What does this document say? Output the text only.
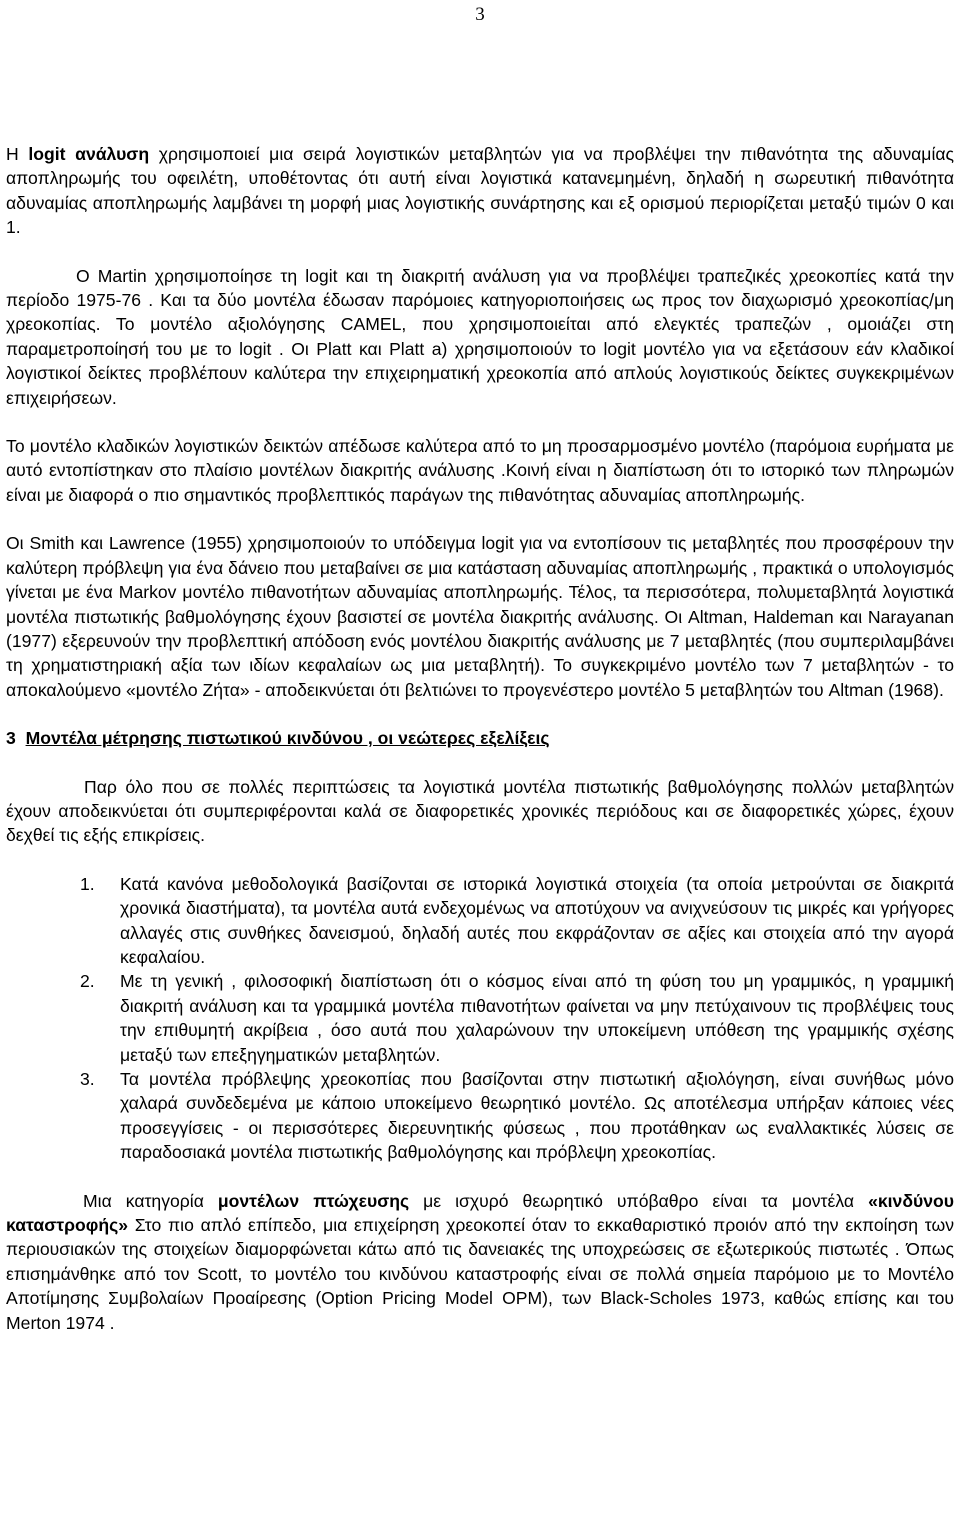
3

Η logit ανάλυση χρησιμοποιεί μια σειρά λογιστικών μεταβλητών για να προβλέψει την πιθανότητα της αδυναμίας αποπληρωμής του οφειλέτη, υποθέτοντας ότι αυτή είναι λογιστικά κατανεμημένη, δηλαδή η σωρευτική πιθανότητα αδυναμίας αποπληρωμής λαμβάνει τη μορφή μιας λογιστικής συνάρτησης και εξ ορισμού περιορίζεται μεταξύ τιμών 0 και 1.

Ο Martin χρησιμοποίησε τη logit και τη διακριτή ανάλυση για να προβλέψει τραπεζικές χρεοκοπίες κατά την περίοδο 1975-76 . Και τα δύο μοντέλα έδωσαν παρόμοιες κατηγοριοποιήσεις ως προς τον διαχωρισμό χρεοκοπίας/μη χρεοκοπίας. Το μοντέλο αξιολόγησης CAMEL, που χρησιμοποιείται από ελεγκτές τραπεζών , ομοιάζει στη παραμετροποίησή του με το logit . Οι Platt και Platt a) χρησιμοποιούν το logit μοντέλο για να εξετάσουν εάν κλαδικοί λογιστικοί δείκτες προβλέπουν καλύτερα την επιχειρηματική χρεοκοπία από απλούς λογιστικούς δείκτες συγκεκριμένων επιχειρήσεων.

Το μοντέλο κλαδικών λογιστικών δεικτών απέδωσε καλύτερα από το μη προσαρμοσμένο μοντέλο (παρόμοια ευρήματα με αυτό εντοπίστηκαν στο πλαίσιο μοντέλων διακριτής ανάλυσης .Κοινή είναι η διαπίστωση ότι το ιστορικό των πληρωμών είναι με διαφορά ο πιο σημαντικός προβλεπτικός παράγων της πιθανότητας αδυναμίας αποπληρωμής.

Οι Smith και Lawrence (1955) χρησιμοποιούν το υπόδειγμα logit για να εντοπίσουν τις μεταβλητές που προσφέρουν την καλύτερη πρόβλεψη για ένα δάνειο που μεταβαίνει σε μια κατάσταση αδυναμίας αποπληρωμής , πρακτικά ο υπολογισμός γίνεται με ένα Markov μοντέλο πιθανοτήτων αδυναμίας αποπληρωμής. Τέλος, τα περισσότερα, πολυμεταβλητά λογιστικά μοντέλα πιστωτικής βαθμολόγησης έχουν βασιστεί σε μοντέλα διακριτής ανάλυσης. Οι Altman, Haldeman και Narayanan (1977) εξερευνούν την προβλεπτική απόδοση ενός μοντέλου διακριτής ανάλυσης με 7 μεταβλητές (που συμπεριλαμβάνει τη χρηματιστηριακή αξία των ιδίων κεφαλαίων ως μια μεταβλητή). Το συγκεκριμένο μοντέλο των 7 μεταβλητών - το αποκαλούμενο «μοντέλο Ζήτα» - αποδεικνύεται ότι βελτιώνει το προγενέστερο μοντέλο 5 μεταβλητών του Altman (1968).

3 Μοντέλα μέτρησης πιστωτικού κινδύνου , οι νεώτερες εξελίξεις

Παρ όλο που σε πολλές περιπτώσεις τα λογιστικά μοντέλα πιστωτικής βαθμολόγησης πολλών μεταβλητών έχουν αποδεικνύεται ότι συμπεριφέρονται καλά σε διαφορετικές χρονικές περιόδους και σε διαφορετικές χώρες, έχουν δεχθεί τις εξής επικρίσεις.

1. Κατά κανόνα μεθοδολογικά βασίζονται σε ιστορικά λογιστικά στοιχεία (τα οποία μετρούνται σε διακριτά χρονικά διαστήματα), τα μοντέλα αυτά ενδεχομένως να αποτύχουν να ανιχνεύσουν τις μικρές και γρήγορες αλλαγές στις συνθήκες δανεισμού, δηλαδή αυτές που εκφράζονταν σε αξίες και στοιχεία από την αγορά κεφαλαίου.
2. Με τη γενική , φιλοσοφική διαπίστωση ότι ο κόσμος είναι από τη φύση του μη γραμμικός, η γραμμική διακριτή ανάλυση και τα γραμμικά μοντέλα πιθανοτήτων φαίνεται να μην πετύχαινουν τις προβλέψεις τους την επιθυμητή ακρίβεια , όσο αυτά που χαλαρώνουν την υποκείμενη υπόθεση της γραμμικής σχέσης μεταξύ των επεξηγηματικών μεταβλητών.
3. Τα μοντέλα πρόβλεψης χρεοκοπίας που βασίζονται στην πιστωτική αξιολόγηση, είναι συνήθως μόνο χαλαρά συνδεδεμένα με κάποιο υποκείμενο θεωρητικό μοντέλο. Ως αποτέλεσμα υπήρξαν κάποιες νέες προσεγγίσεις - οι περισσότερες διερευνητικής φύσεως , που προτάθηκαν ως εναλλακτικές λύσεις σε παραδοσιακά μοντέλα πιστωτικής βαθμολόγησης και πρόβλεψη χρεοκοπίας.

Μια κατηγορία μοντέλων πτώχευσης με ισχυρό θεωρητικό υπόβαθρο είναι τα μοντέλα «κινδύνου καταστροφής» Στο πιο απλό επίπεδο, μια επιχείρηση χρεοκοπεί όταν το εκκαθαριστικό προιόν από την εκποίηση των περιουσιακών της στοιχείων διαμορφώνεται κάτω από τις δανειακές της υποχρεώσεις σε εξωτερικούς πιστωτές . Όπως επισημάνθηκε από τον Scott, το μοντέλο του κινδύνου καταστροφής είναι σε πολλά σημεία παρόμοιο με το Μοντέλο Αποτίμησης Συμβολαίων Προαίρεσης (Option Pricing Model OPM), των Black-Scholes 1973, καθώς επίσης και του Merton 1974 .
